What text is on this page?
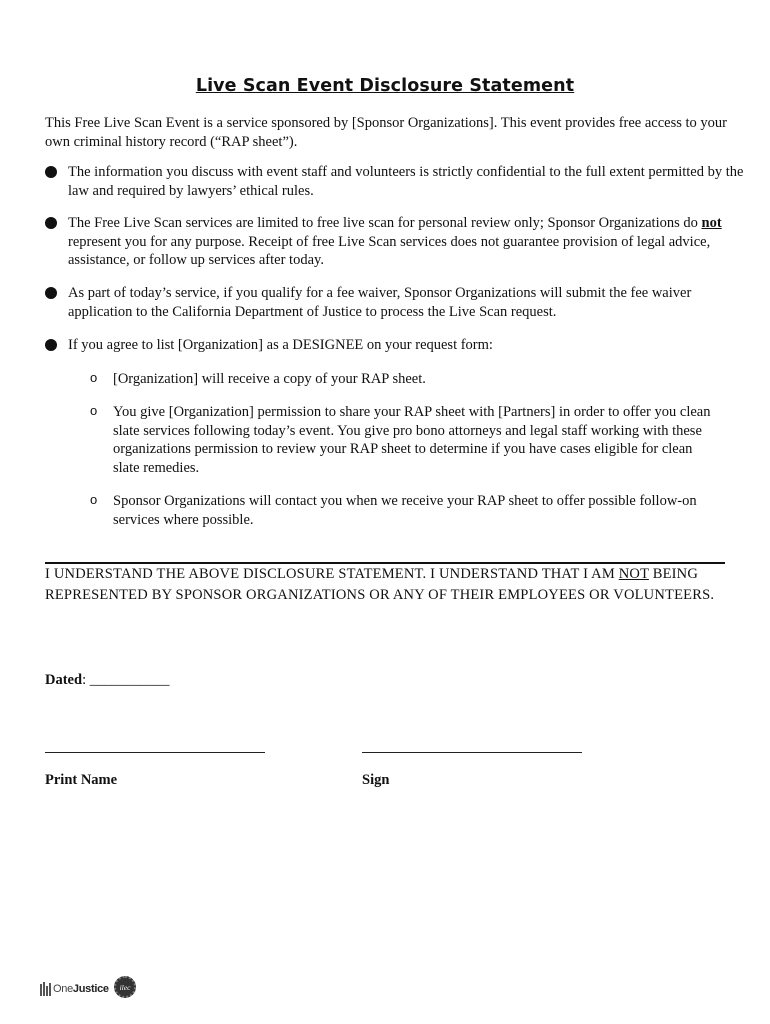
Live Scan Event Disclosure Statement
This Free Live Scan Event is a service sponsored by [Sponsor Organizations]. This event provides free access to your own criminal history record (“RAP sheet”).
The information you discuss with event staff and volunteers is strictly confidential to the full extent permitted by the law and required by lawyers’ ethical rules.
The Free Live Scan services are limited to free live scan for personal review only; Sponsor Organizations do not represent you for any purpose. Receipt of free Live Scan services does not guarantee provision of legal advice, assistance, or follow up services after today.
As part of today’s service, if you qualify for a fee waiver, Sponsor Organizations will submit the fee waiver application to the California Department of Justice to process the Live Scan request.
If you agree to list [Organization] as a DESIGNEE on your request form:
o [Organization] will receive a copy of your RAP sheet.
o You give [Organization] permission to share your RAP sheet with [Partners] in order to offer you clean slate services following today’s event. You give pro bono attorneys and legal staff working with these organizations permission to review your RAP sheet to determine if you have cases eligible for clean slate remedies.
o Sponsor Organizations will contact you when we receive your RAP sheet to offer possible follow-on services where possible.
I UNDERSTAND THE ABOVE DISCLOSURE STATEMENT. I UNDERSTAND THAT I AM NOT BEING REPRESENTED BY SPONSOR ORGANIZATIONS OR ANY OF THEIR EMPLOYEES OR VOLUNTEERS.
Dated: ___________
Print Name	Sign
OneJustice	ilec
